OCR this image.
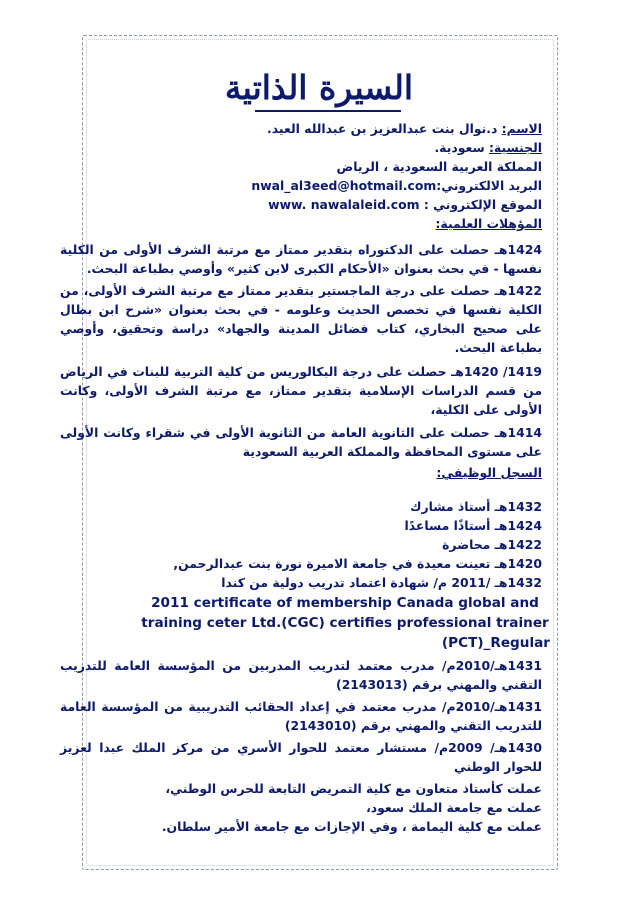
السيرة الذاتية
الاسم: د.نوال بنت عبدالعزيز بن عبدالله العيد.
الجنسية: سعودية.
المملكة العربية السعودية ، الرياض
البريد الالكتروني:nwal_al3eed@hotmail.com
الموقع الإلكتروني : www. nawalaleid.com
المؤهلات العلمية:
1424هـ حصلت على الدكتوراه بتقدير ممتاز مع مرتبة الشرف الأولى من الكلية نفسها - في بحث بعنوان «الأحكام الكبرى لابن كثير» وأوصي بطباعة البحث.
1422هـ حصلت على درجة الماجستير بتقدير ممتاز مع مرتبة الشرف الأولى، من الكلية نفسها في تخصص الحديث وعلومه - في بحث بعنوان «شرح ابن بطال على صحيح البخاري، كتاب فضائل المدينة والجهاد» دراسة وتحقيق، وأوصي بطباعة البحث.
1419/ 1420هـ حصلت على درجة البكالوريس من كلية التربية للبنات في الرياض من قسم الدراسات الإسلامية بتقدير ممتاز، مع مرتبة الشرف الأولى، وكانت الأولى على الكلية،
1414هـ حصلت على الثانوية العامة من الثانوية الأولى في شقراء وكانت الأولى على مستوى المحافظة والمملكة العربية السعودية
السجل الوظيفي:
1432هـ أستاذ مشارك
1424هـ أستاذًا مساعدًا
1422هـ محاضرة
1420هـ تعينت معيدة في جامعة الاميرة نورة بنت عبدالرحمن,
1432هـ /2011 م/ شهادة اعتماد تدريب دولية من كندا
2011 certificate of membership Canada global and
training ceter Ltd.(CGC) certifies professional trainer
(PCT)_Regular
1431هـ/2010م/ مدرب معتمد لتدريب المدربين من المؤسسة العامة للتدريب التقني والمهني برقم (2143013)
1431هـ/2010م/ مدرب معتمد في إعداد الحقائب التدريبية من المؤسسة العامة للتدريب التقني والمهني برقم (2143010)
1430هـ/ 2009م/ مستشار معتمد للحوار الأسري من مركز الملك عبدا لعزيز للحوار الوطني
عملت كأستاذ متعاون مع كلية التمريض التابعة للحرس الوطني،
عملت مع جامعة الملك سعود،
عملت مع كلية اليمامة ، وفي الإجازات مع جامعة الأمير سلطان.
